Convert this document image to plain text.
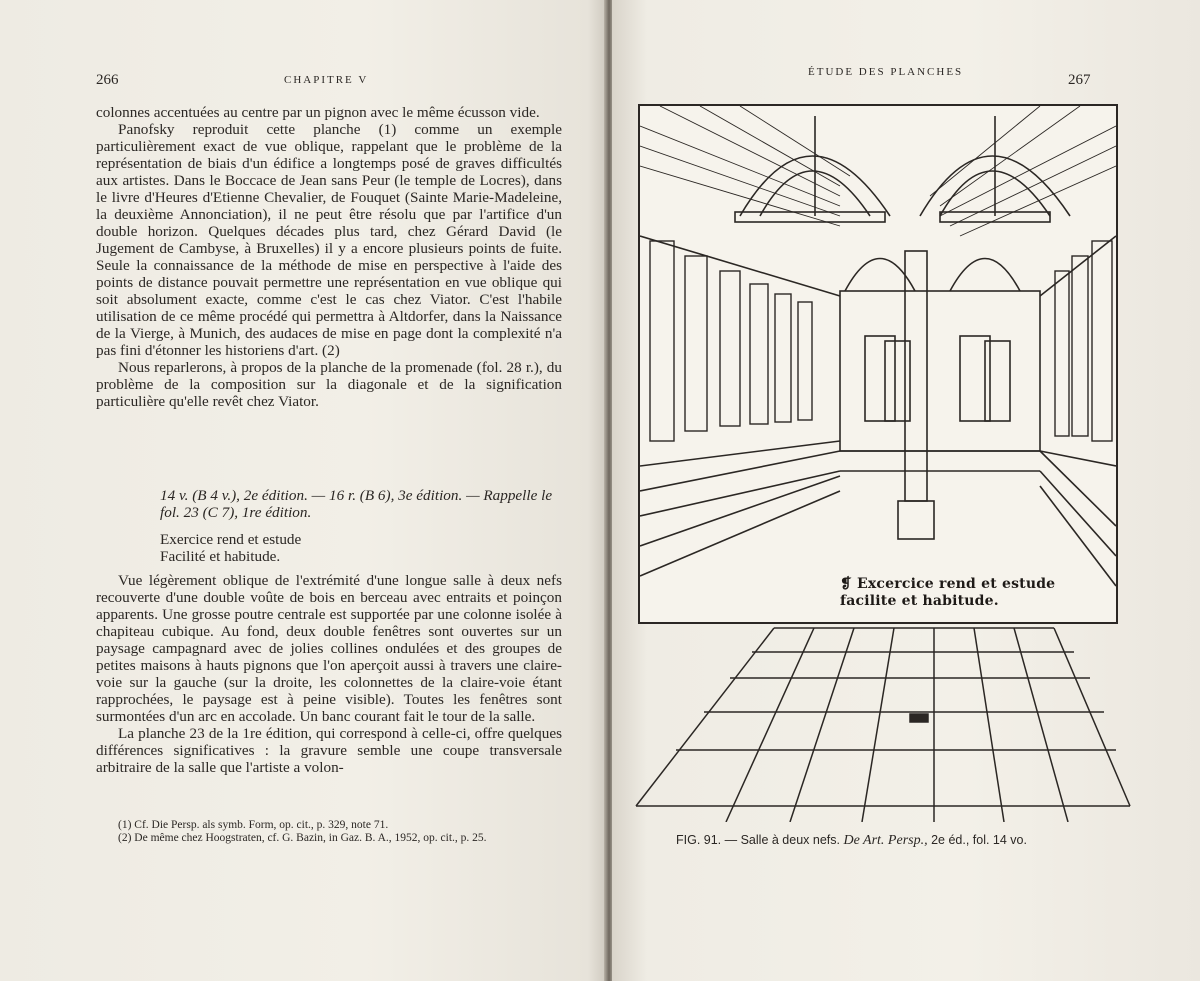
266	CHAPITRE V

colonnes accentuées au centre par un pignon avec le même écusson vide.

Panofsky reproduit cette planche (1) comme un exemple particulièrement exact de vue oblique, rappelant que le problème de la représentation de biais d'un édifice a longtemps posé de graves difficultés aux artistes. Dans le Boccace de Jean sans Peur (le temple de Locres), dans le livre d'Heures d'Etienne Chevalier, de Fouquet (Sainte Marie-Madeleine, la deuxième Annonciation), il ne peut être résolu que par l'artifice d'un double horizon. Quelques décades plus tard, chez Gérard David (le Jugement de Cambyse, à Bruxelles) il y a encore plusieurs points de fuite. Seule la connaissance de la méthode de mise en perspective à l'aide des points de distance pouvait permettre une représentation en vue oblique qui soit absolument exacte, comme c'est le cas chez Viator. C'est l'habile utilisation de ce même procédé qui permettra à Altdorfer, dans la Naissance de la Vierge, à Munich, des audaces de mise en page dont la complexité n'a pas fini d'étonner les historiens d'art. (2)

Nous reparlerons, à propos de la planche de la promenade (fol. 28 r.), du problème de la composition sur la diagonale et de la signification particulière qu'elle revêt chez Viator.

14 v. (B 4 v.), 2e édition. — 16 r. (B 6), 3e édition. — Rappelle le fol. 23 (C 7), 1re édition.

Exercice rend et estude

Facilité et habitude.

Vue légèrement oblique de l'extrémité d'une longue salle à deux nefs recouverte d'une double voûte de bois en berceau avec entraits et poinçon apparents. Une grosse poutre centrale est supportée par une colonne isolée à chapiteau cubique. Au fond, deux double fenêtres sont ouvertes sur un paysage campagnard avec de jolies collines ondulées et des groupes de petites maisons à hauts pignons que l'on aperçoit aussi à travers une claire-voie sur la gauche (sur la droite, les colonnettes de la claire-voie étant rapprochées, le paysage est à peine visible). Toutes les fenêtres sont surmontées d'un arc en accolade. Un banc courant fait le tour de la salle.

La planche 23 de la 1re édition, qui correspond à celle-ci, offre quelques différences significatives : la gravure semble une coupe transversale arbitraire de la salle que l'artiste a volon-

(1) Cf. Die Persp. als symb. Form, op. cit., p. 329, note 71.

(2) De même chez Hoogstraten, cf. G. Bazin, in Gaz. B. A., 1952, op. cit., p. 25.

ÉTUDE DES PLANCHES	267
❡ Excercice rend et estude
facilite et habitude.
FIG. 91. — Salle à deux nefs. De Art. Persp., 2e éd., fol. 14 vo.
